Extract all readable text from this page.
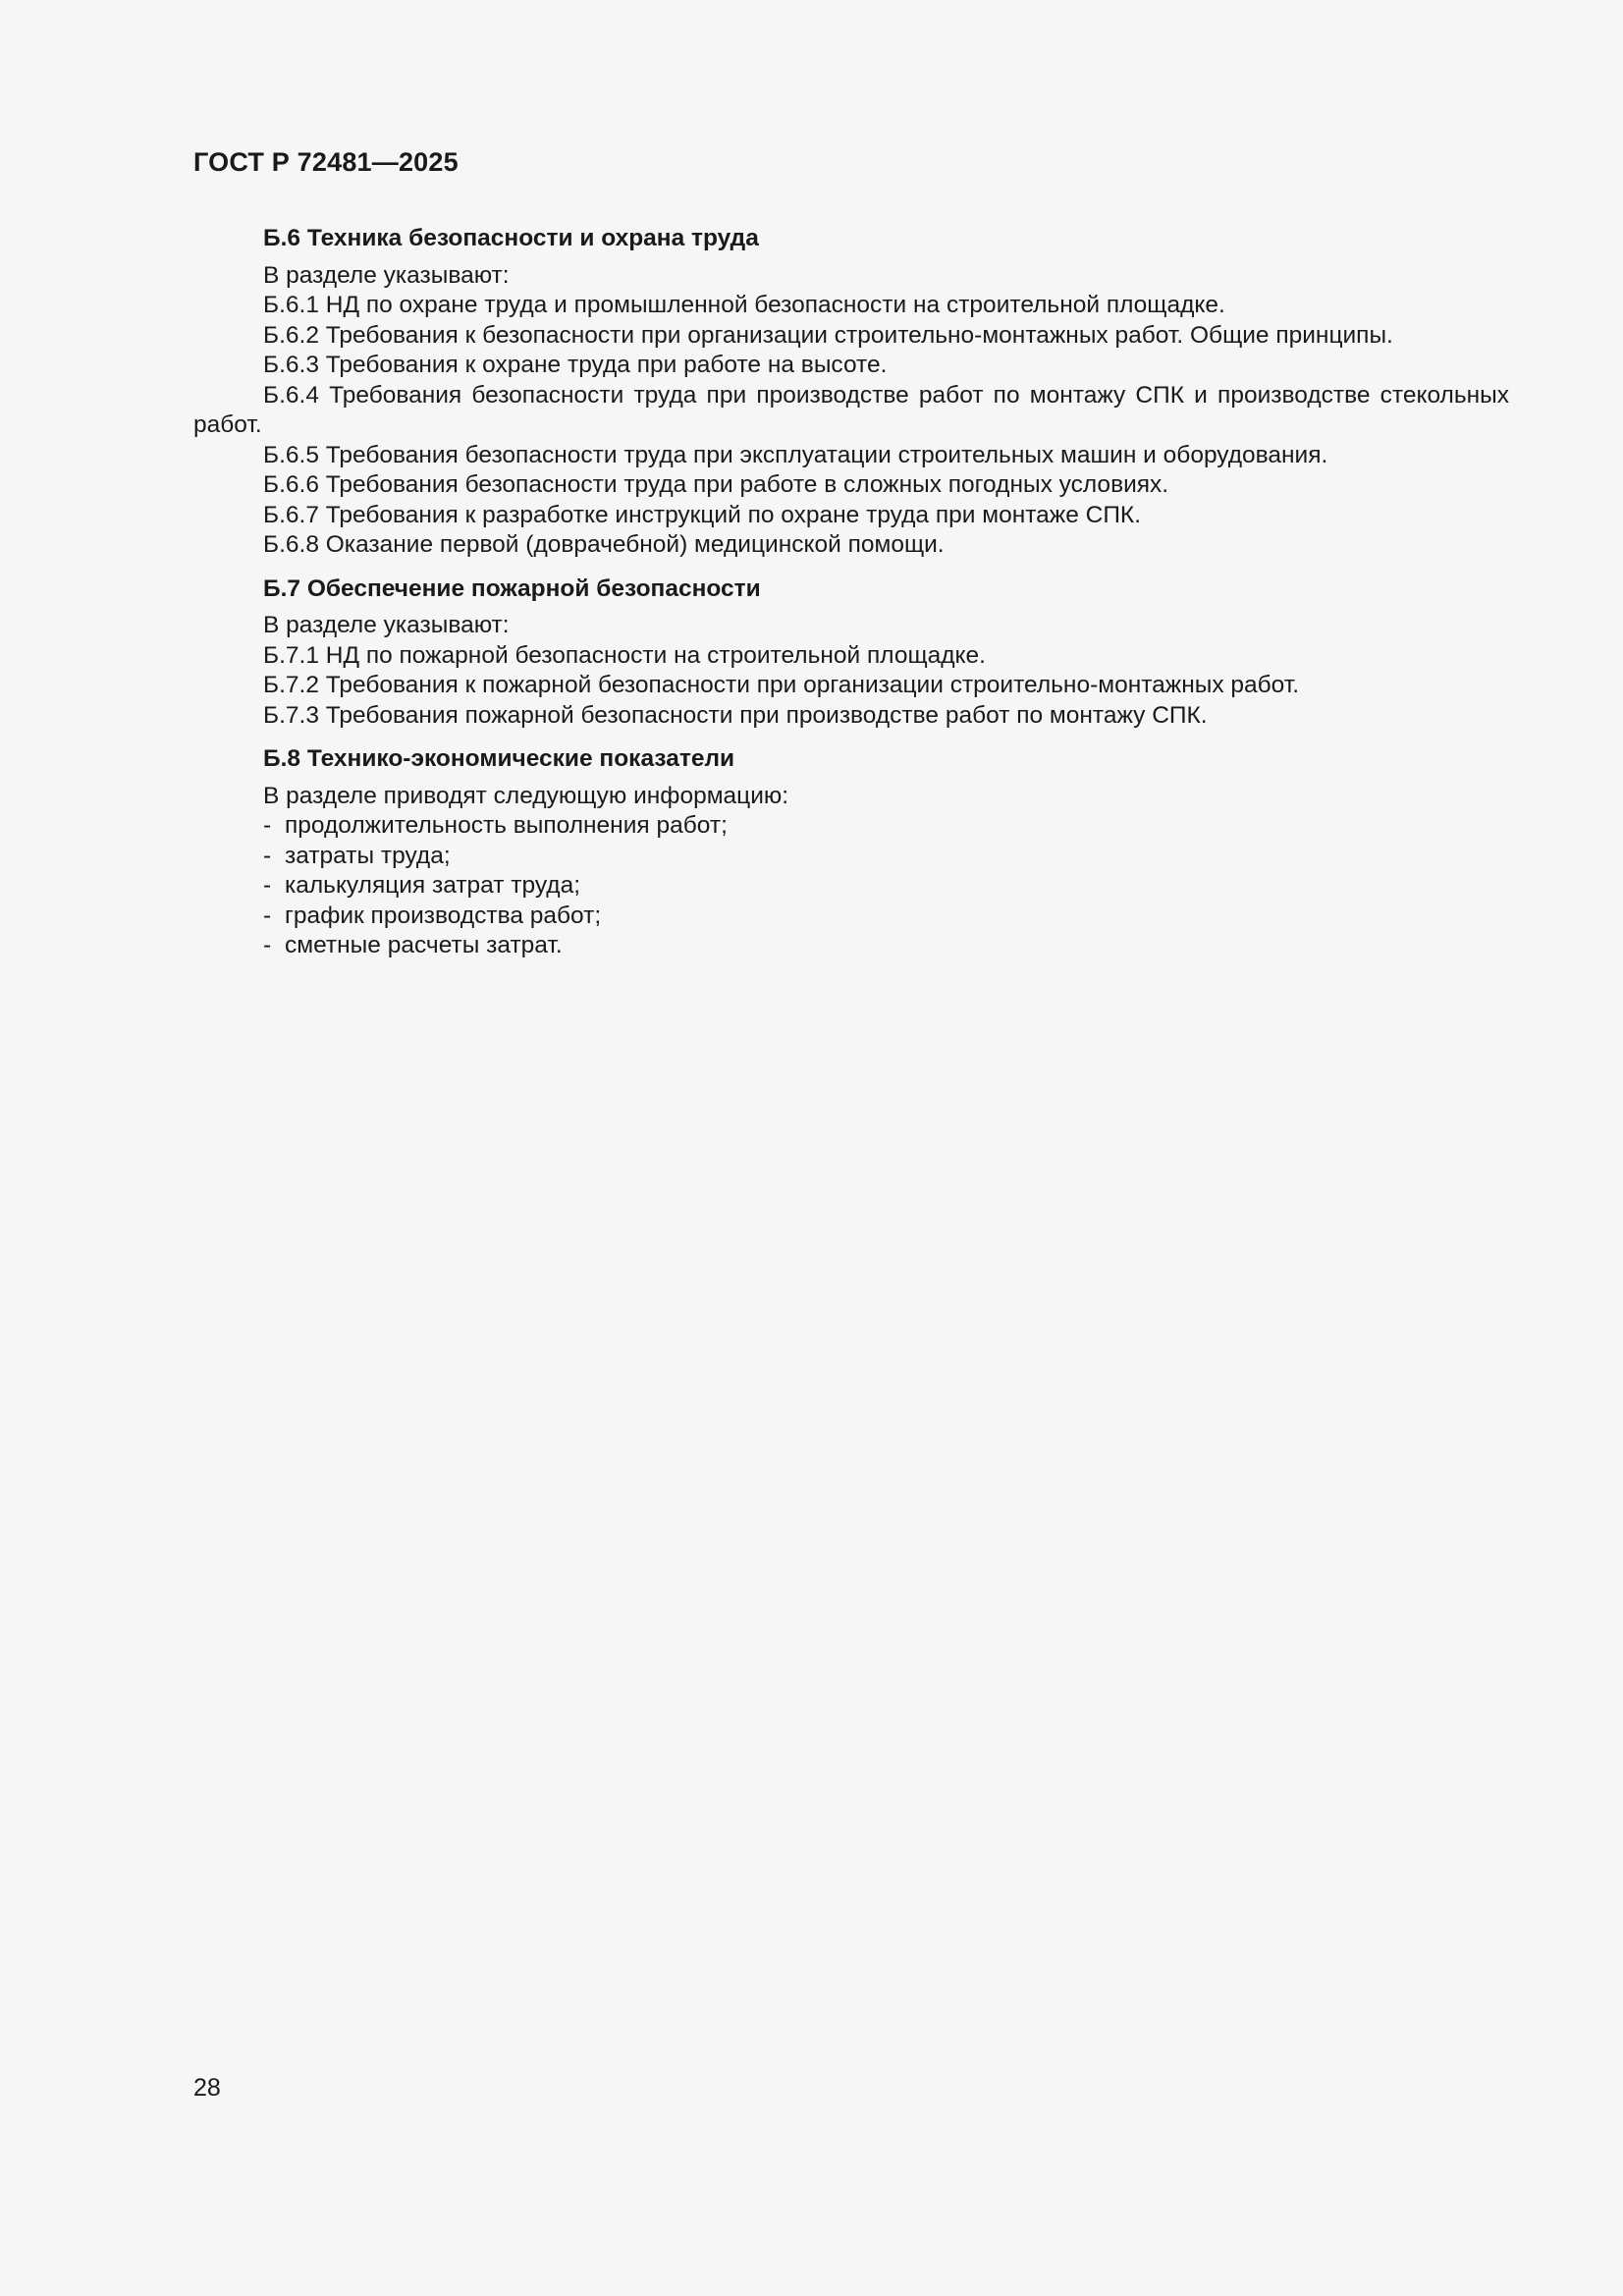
ГОСТ Р 72481—2025
Б.6 Техника безопасности и охрана труда
В разделе указывают:
Б.6.1 НД по охране труда и промышленной безопасности на строительной площадке.
Б.6.2 Требования к безопасности при организации строительно-монтажных работ. Общие принципы.
Б.6.3 Требования к охране труда при работе на высоте.
Б.6.4 Требования безопасности труда при производстве работ по монтажу СПК и производстве стекольных работ.
Б.6.5 Требования безопасности труда при эксплуатации строительных машин и оборудования.
Б.6.6 Требования безопасности труда при работе в сложных погодных условиях.
Б.6.7 Требования к разработке инструкций по охране труда при монтаже СПК.
Б.6.8 Оказание первой (доврачебной) медицинской помощи.
Б.7 Обеспечение пожарной безопасности
В разделе указывают:
Б.7.1 НД по пожарной безопасности на строительной площадке.
Б.7.2 Требования к пожарной безопасности при организации строительно-монтажных работ.
Б.7.3 Требования пожарной безопасности при производстве работ по монтажу СПК.
Б.8 Технико-экономические показатели
В разделе приводят следующую информацию:
- продолжительность выполнения работ;
- затраты труда;
- калькуляция затрат труда;
- график производства работ;
- сметные расчеты затрат.
28
